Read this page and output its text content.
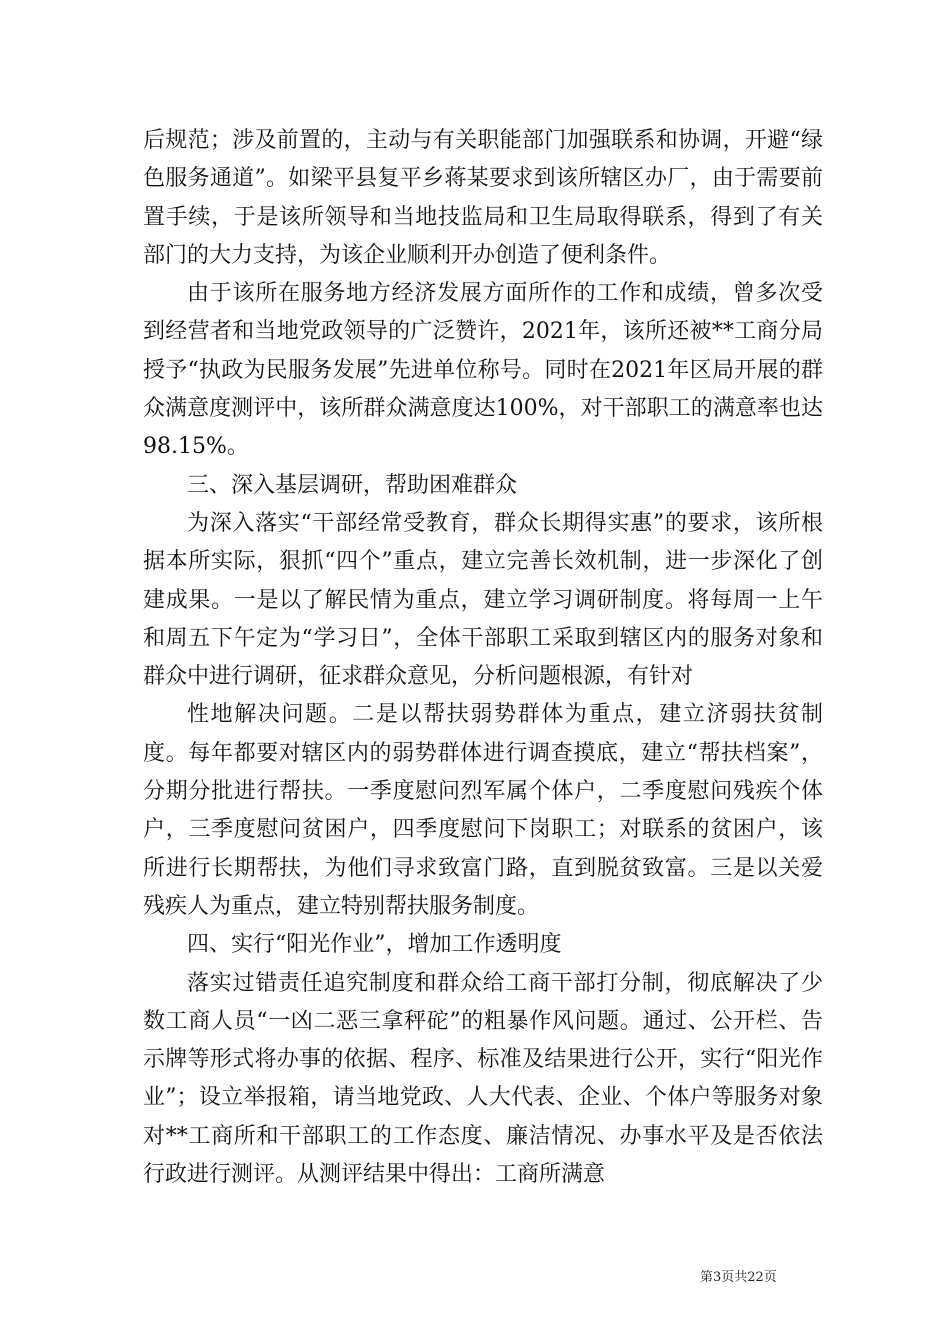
后规范；涉及前置的，主动与有关职能部门加强联系和协调，开避“绿色服务通道”。如梁平县复平乡蒋某要求到该所辖区办厂，由于需要前置手续，于是该所领导和当地技监局和卫生局取得联系，得到了有关部门的大力支持，为该企业顺利开办创造了便利条件。

由于该所在服务地方经济发展方面所作的工作和成绩，曾多次受到经营者和当地党政领导的广泛赞许，2021年，该所还被**工商分局授予“执政为民服务发展”先进单位称号。同时在2021年区局开展的群众满意度测评中，该所群众满意度达100%，对干部职工的满意率也达98.15%。

三、深入基层调研，帮助困难群众

为深入落实“干部经常受教育，群众长期得实惠”的要求，该所根据本所实际，狠抓“四个”重点，建立完善长效机制，进一步深化了创建成果。一是以了解民情为重点，建立学习调研制度。将每周一上午和周五下午定为“学习日”，全体干部职工采取到辖区内的服务对象和群众中进行调研，征求群众意见，分析问题根源，有针对

性地解决问题。二是以帮扶弱势群体为重点，建立济弱扶贫制度。每年都要对辖区内的弱势群体进行调查摸底，建立“帮扶档案”，分期分批进行帮扶。一季度慰问烈军属个体户，二季度慰问残疾个体户，三季度慰问贫困户，四季度慰问下岗职工；对联系的贫困户，该所进行长期帮扶，为他们寻求致富门路，直到脱贫致富。三是以关爱残疾人为重点，建立特别帮扶服务制度。

四、实行“阳光作业”，增加工作透明度

落实过错责任追究制度和群众给工商干部打分制，彻底解决了少数工商人员“一凶二恶三拿秤砣”的粗暴作风问题。通过、公开栏、告示牌等形式将办事的依据、程序、标准及结果进行公开，实行“阳光作业”；设立举报箱，请当地党政、人大代表、企业、个体户等服务对象对**工商所和干部职工的工作态度、廉洁情况、办事水平及是否依法行政进行测评。从测评结果中得出：工商所满意

第3页共22页
